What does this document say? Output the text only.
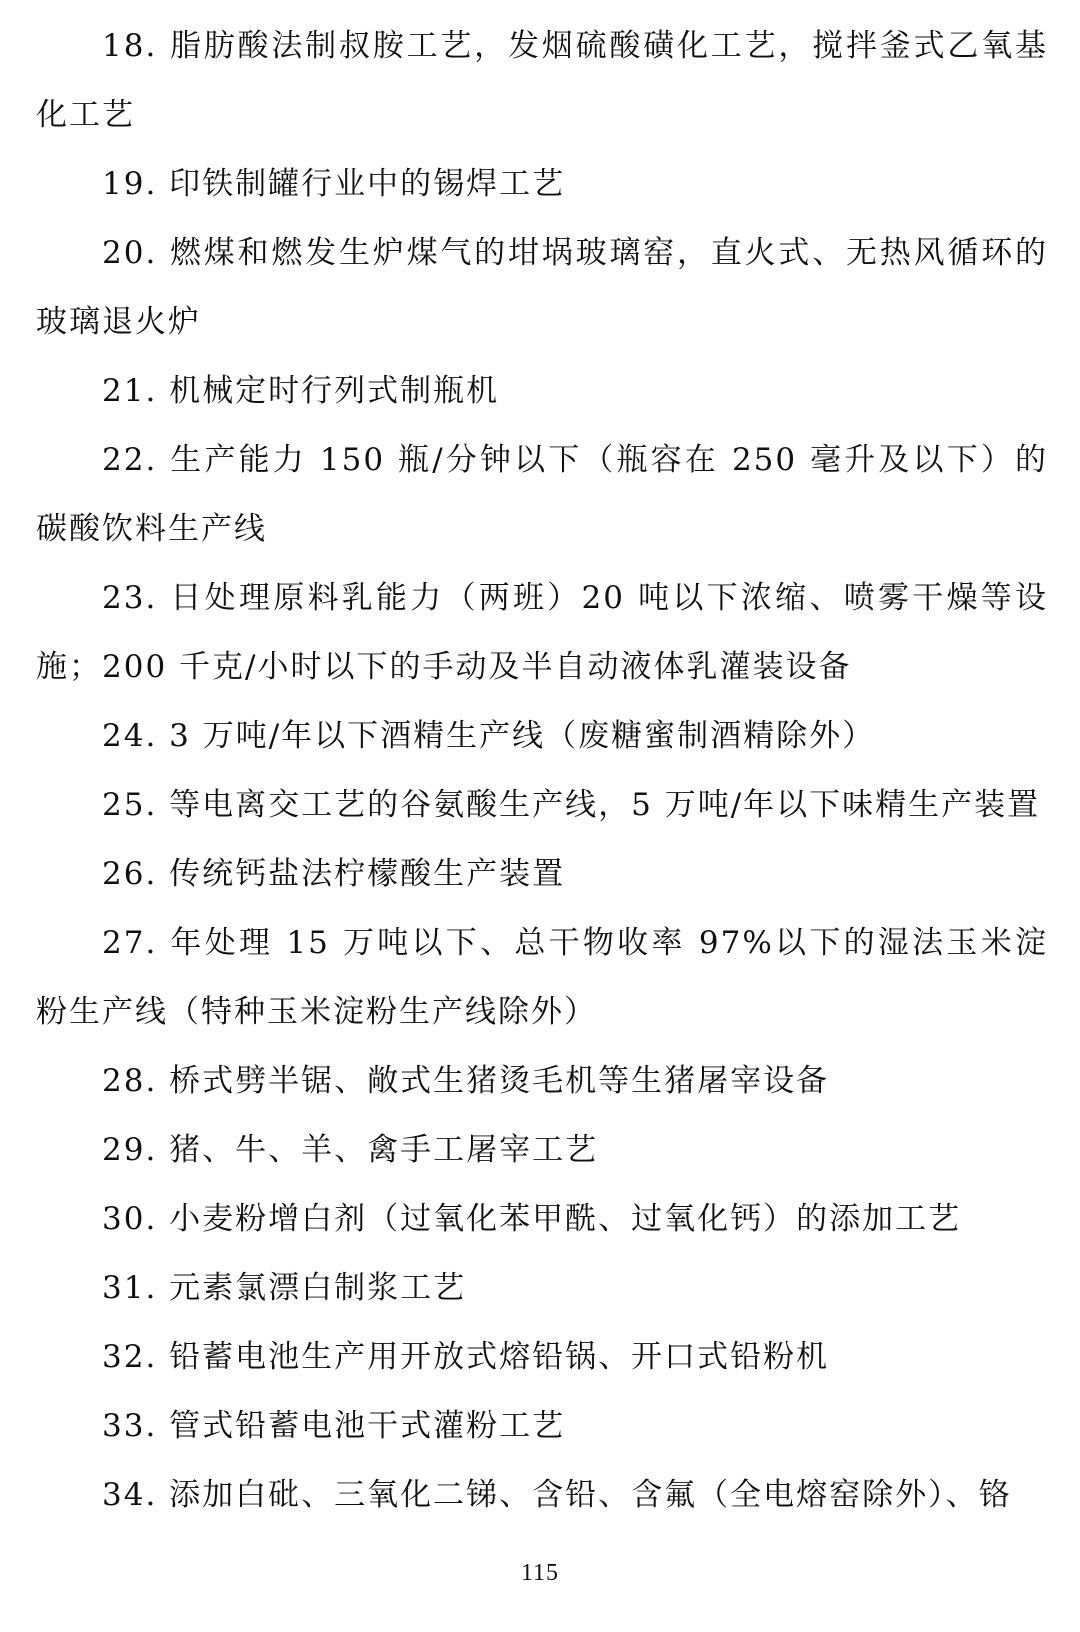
18. 脂肪酸法制叔胺工艺，发烟硫酸磺化工艺，搅拌釜式乙氧基化工艺

19. 印铁制罐行业中的锡焊工艺

20. 燃煤和燃发生炉煤气的坩埚玻璃窑，直火式、无热风循环的玻璃退火炉

21. 机械定时行列式制瓶机

22. 生产能力 150 瓶/分钟以下（瓶容在 250 毫升及以下）的碳酸饮料生产线

23. 日处理原料乳能力（两班）20 吨以下浓缩、喷雾干燥等设施；200 千克/小时以下的手动及半自动液体乳灌装设备

24. 3 万吨/年以下酒精生产线（废糖蜜制酒精除外）

25. 等电离交工艺的谷氨酸生产线，5 万吨/年以下味精生产装置

26. 传统钙盐法柠檬酸生产装置

27. 年处理 15 万吨以下、总干物收率 97%以下的湿法玉米淀粉生产线（特种玉米淀粉生产线除外）

28. 桥式劈半锯、敞式生猪烫毛机等生猪屠宰设备

29. 猪、牛、羊、禽手工屠宰工艺

30. 小麦粉增白剂（过氧化苯甲酰、过氧化钙）的添加工艺

31. 元素氯漂白制浆工艺

32. 铅蓄电池生产用开放式熔铅锅、开口式铅粉机

33. 管式铅蓄电池干式灌粉工艺

34. 添加白砒、三氧化二锑、含铅、含氟（全电熔窑除外）、铬

115
